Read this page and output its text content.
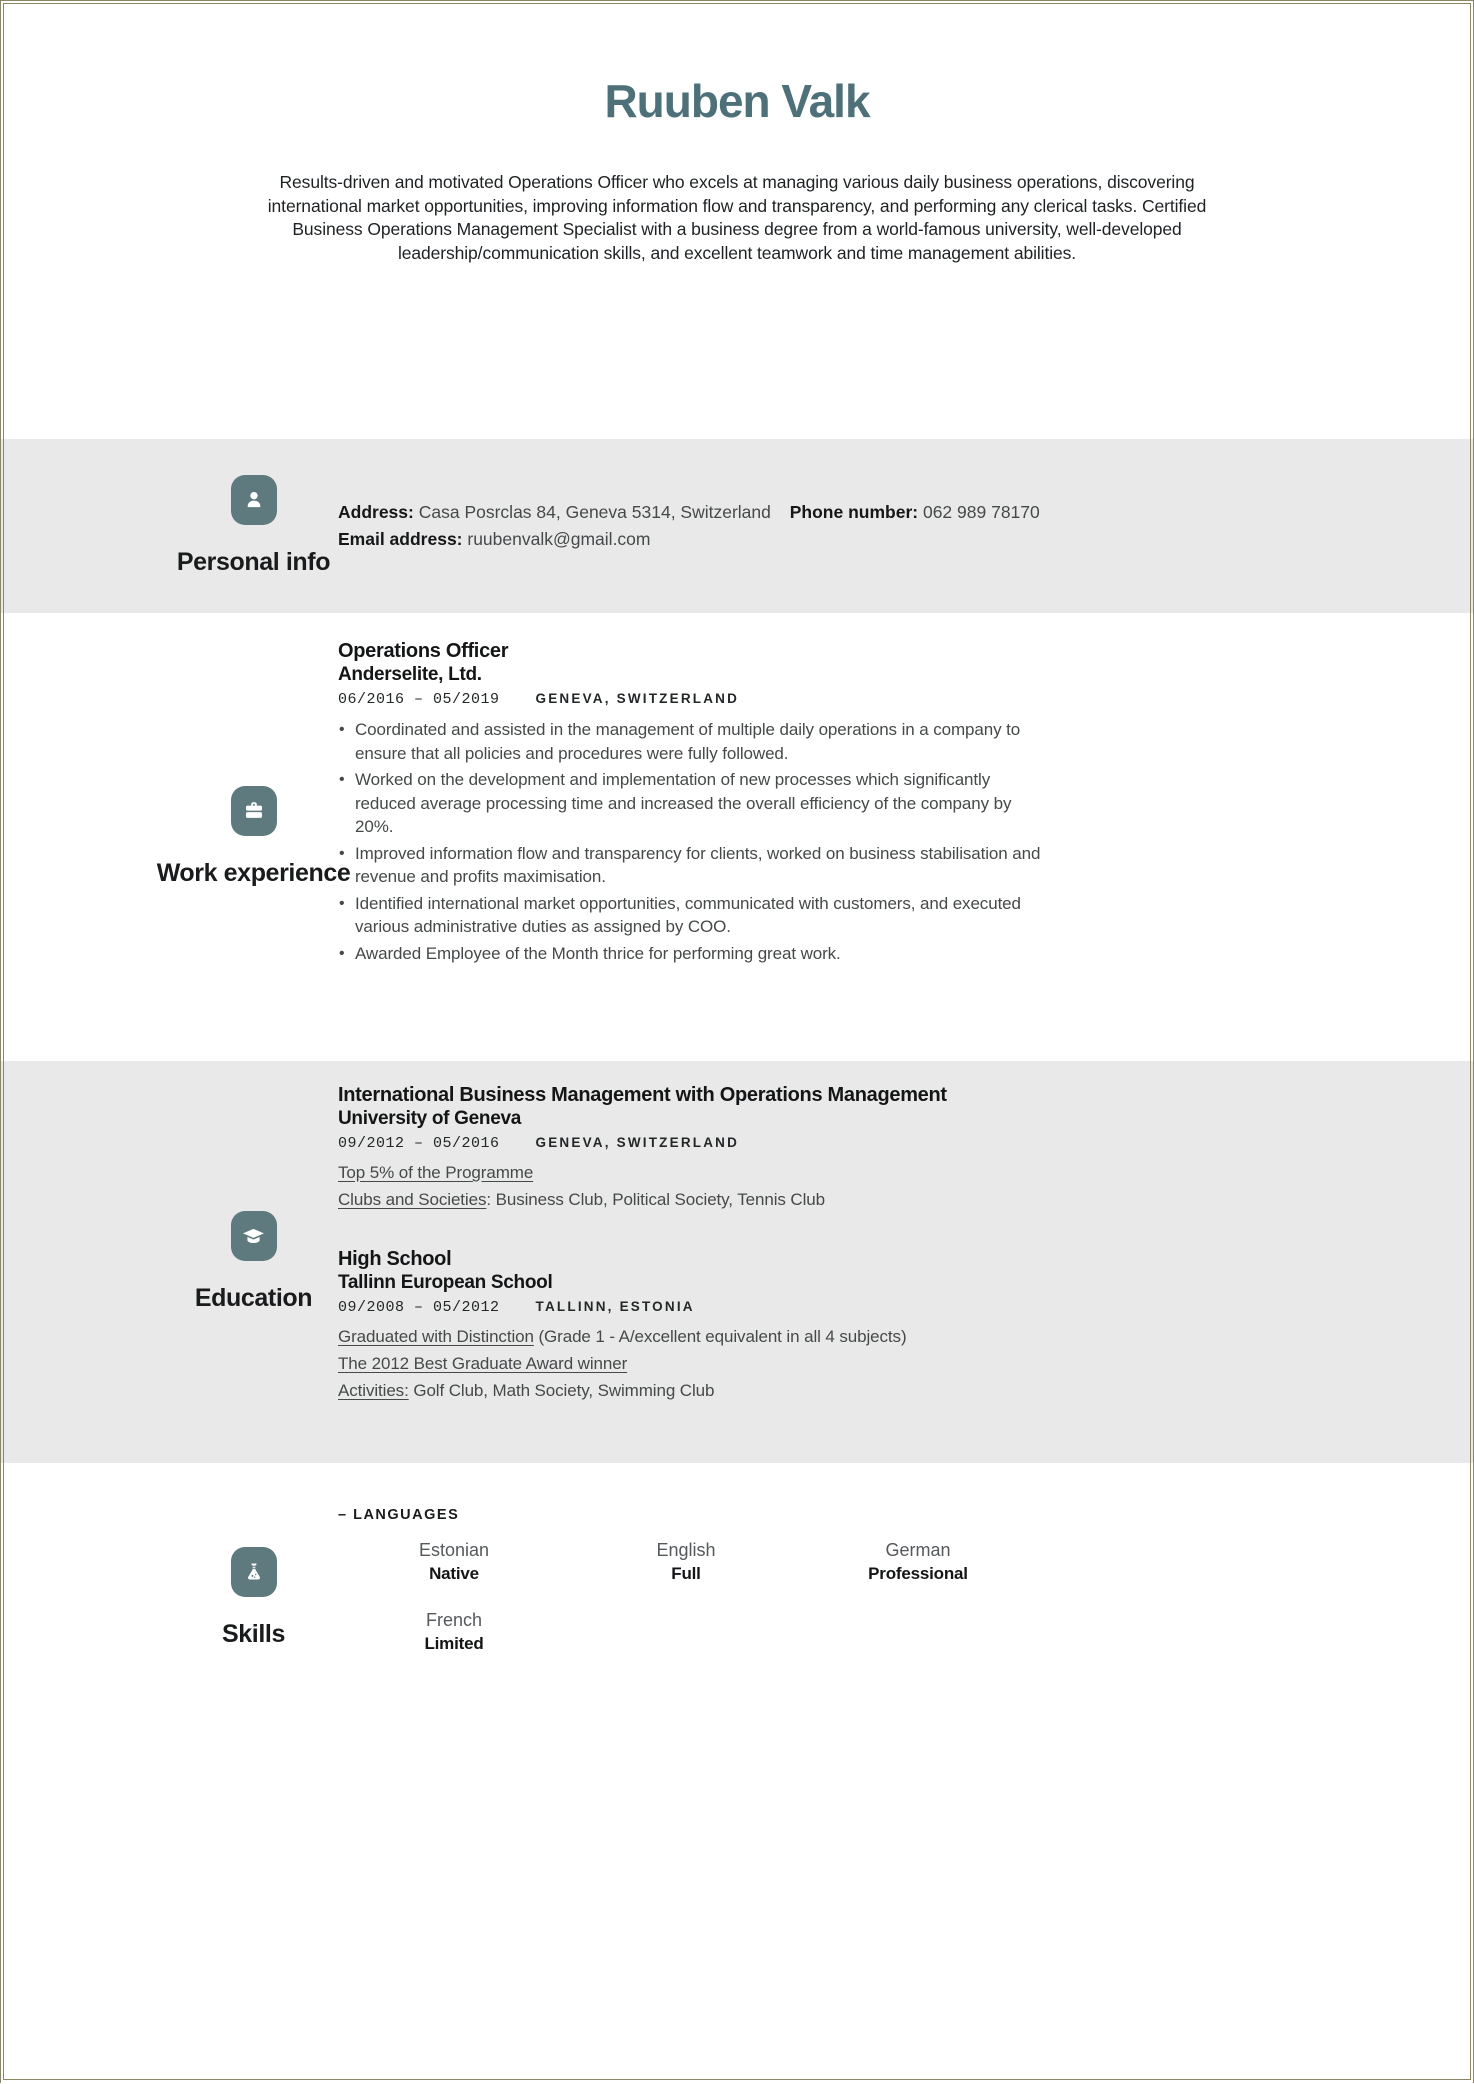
Ruuben Valk

Results-driven and motivated Operations Officer who excels at managing various daily business operations, discovering international market opportunities, improving information flow and transparency, and performing any clerical tasks. Certified Business Operations Management Specialist with a business degree from a world-famous university, well-developed leadership/communication skills, and excellent teamwork and time management abilities.

Personal info
Address: Casa Posrclas 84, Geneva 5314, Switzerland Phone number: 062 989 78170
Email address: ruubenvalk@gmail.com
Work experience
Operations Officer
Anderselite, Ltd.
06/2016 – 05/2019	GENEVA, SWITZERLAND
• Coordinated and assisted in the management of multiple daily operations in a company to ensure that all policies and procedures were fully followed.
• Worked on the development and implementation of new processes which significantly reduced average processing time and increased the overall efficiency of the company by 20%.
• Improved information flow and transparency for clients, worked on business stabilisation and revenue and profits maximisation.
• Identified international market opportunities, communicated with customers, and executed various administrative duties as assigned by COO.
• Awarded Employee of the Month thrice for performing great work.
Education
International Business Management with Operations Management
University of Geneva
09/2012 – 05/2016	GENEVA, SWITZERLAND
Top 5% of the Programme
Clubs and Societies: Business Club, Political Society, Tennis Club
High School
Tallinn European School
09/2008 – 05/2012	TALLINN, ESTONIA
Graduated with Distinction (Grade 1 - A/excellent equivalent in all 4 subjects)
The 2012 Best Graduate Award winner
Activities: Golf Club, Math Society, Swimming Club
Skills
– LANGUAGES
Estonian
Native
English
Full
German
Professional
French
Limited
